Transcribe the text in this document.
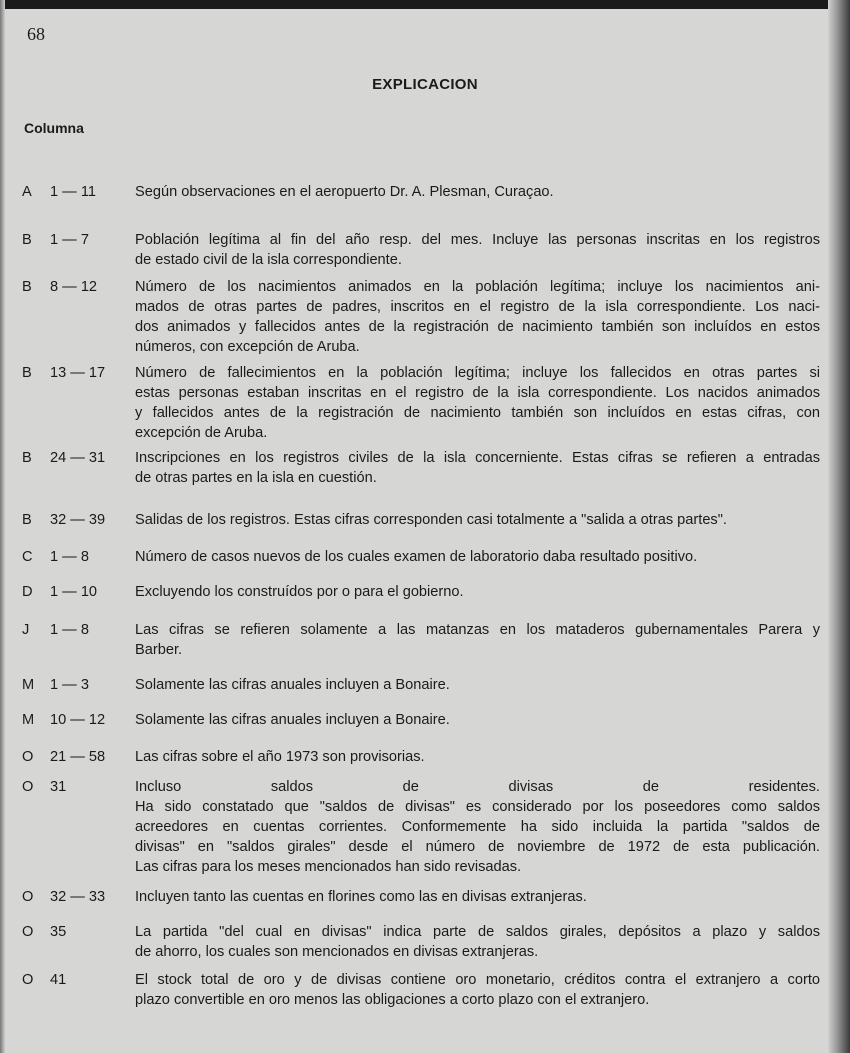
68
EXPLICACION
Columna
A 1 — 11	Según observaciones en el aeropuerto Dr. A. Plesman, Curaçao.
B 1 — 7	Población legítima al fin del año resp. del mes. Incluye las personas inscritas en los registros
de estado civil de la isla correspondiente.
B 8 — 12	Número de los nacimientos animados en la población legítima; incluye los nacimientos ani-
mados de otras partes de padres, inscritos en el registro de la isla correspondiente. Los naci-
dos animados y fallecidos antes de la registración de nacimiento también son incluídos en estos
números, con excepción de Aruba.
B 13 — 17	Número de fallecimientos en la población legítima; incluye los fallecidos en otras partes si
estas personas estaban inscritas en el registro de la isla correspondiente. Los nacidos animados
y fallecidos antes de la registración de nacimiento también son incluídos en estas cifras, con
excepción de Aruba.
B 24 — 31	Inscripciones en los registros civiles de la isla concerniente. Estas cifras se refieren a entradas
de otras partes en la isla en cuestión.
B 32 — 39	Salidas de los registros. Estas cifras corresponden casi totalmente a "salida a otras partes".
C 1 — 8	Número de casos nuevos de los cuales examen de laboratorio daba resultado positivo.
D 1 — 10	Excluyendo los construídos por o para el gobierno.
J 1 — 8	Las cifras se refieren solamente a las matanzas en los mataderos gubernamentales Parera y
Barber.
M 1 — 3	Solamente las cifras anuales incluyen a Bonaire.
M 10 — 12	Solamente las cifras anuales incluyen a Bonaire.
O 21 — 58	Las cifras sobre el año 1973 son provisorias.
O 31	Incluso saldos de divisas de residentes.
Ha sido constatado que "saldos de divisas" es considerado por los poseedores como saldos
acreedores en cuentas corrientes. Conformemente ha sido incluida la partida "saldos de
divisas" en "saldos girales" desde el número de noviembre de 1972 de esta publicación.
Las cifras para los meses mencionados han sido revisadas.
O 32 — 33	Incluyen tanto las cuentas en florines como las en divisas extranjeras.
O 35	La partida "del cual en divisas" indica parte de saldos girales, depósitos a plazo y saldos
de ahorro, los cuales son mencionados en divisas extranjeras.
O 41	El stock total de oro y de divisas contiene oro monetario, créditos contra el extranjero a corto
plazo convertible en oro menos las obligaciones a corto plazo con el extranjero.
